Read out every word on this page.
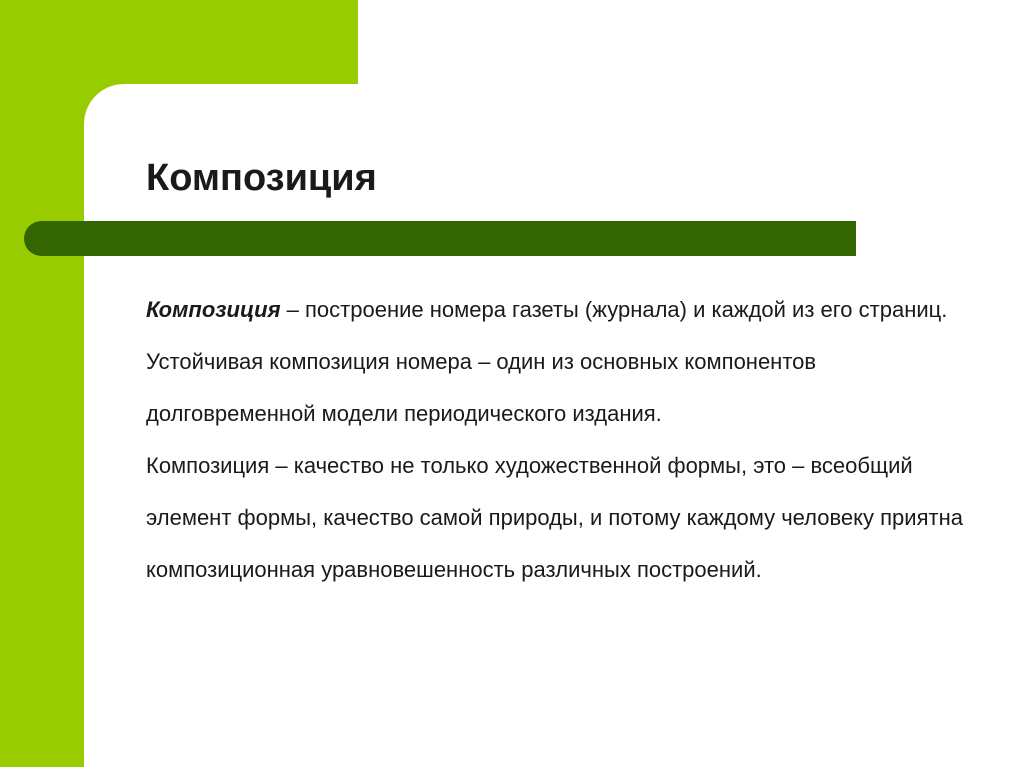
Композиция

Композиция – построение номера газеты (журнала) и каждой из его страниц.

Устойчивая композиция номера – один из основных компонентов долговременной модели периодического издания.

Композиция – качество не только художественной формы, это – всеобщий элемент формы, качество самой природы, и потому каждому человеку приятна композиционная уравновешенность различных построений.
